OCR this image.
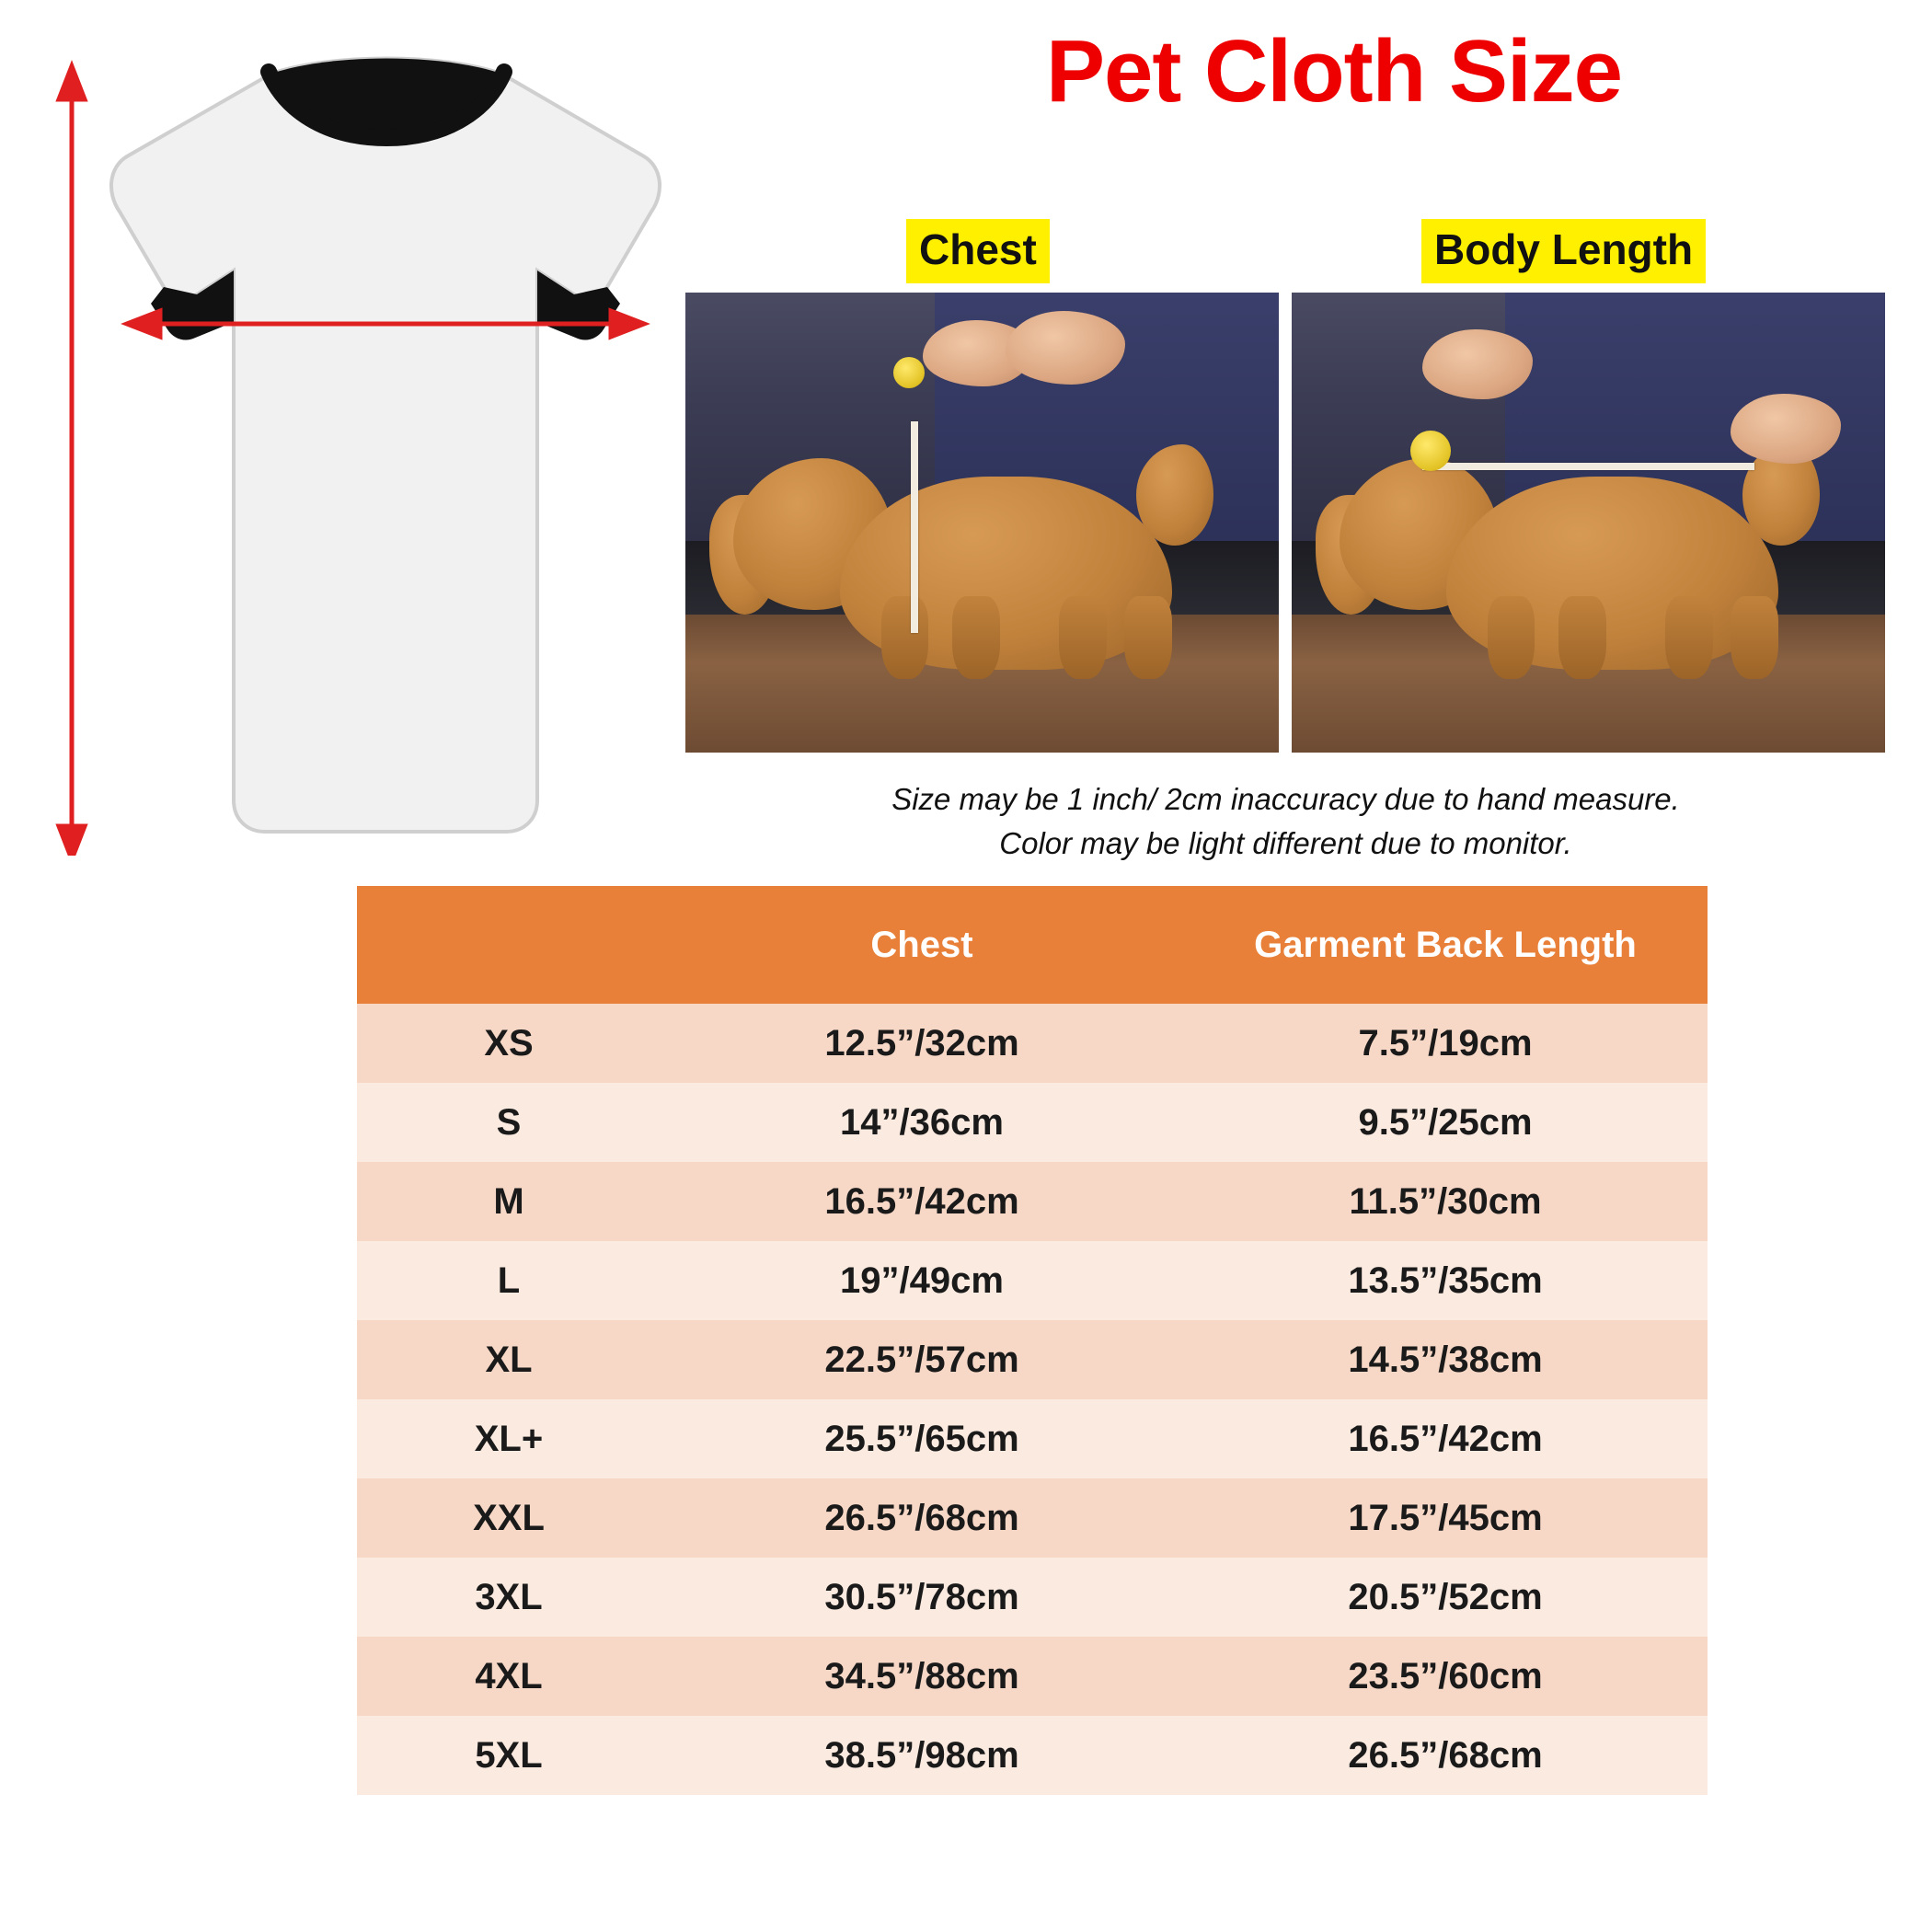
Pet Cloth Size
Chest	Body Length
Size may be 1 inch/ 2cm inaccuracy due to hand measure.
Color may be light different due to monitor.
	Chest	Garment Back Length
XS	12.5”/32cm	7.5”/19cm
S	14”/36cm	9.5”/25cm
M	16.5”/42cm	11.5”/30cm
L	19”/49cm	13.5”/35cm
XL	22.5”/57cm	14.5”/38cm
XL+	25.5”/65cm	16.5”/42cm
XXL	26.5”/68cm	17.5”/45cm
3XL	30.5”/78cm	20.5”/52cm
4XL	34.5”/88cm	23.5”/60cm
5XL	38.5”/98cm	26.5”/68cm
